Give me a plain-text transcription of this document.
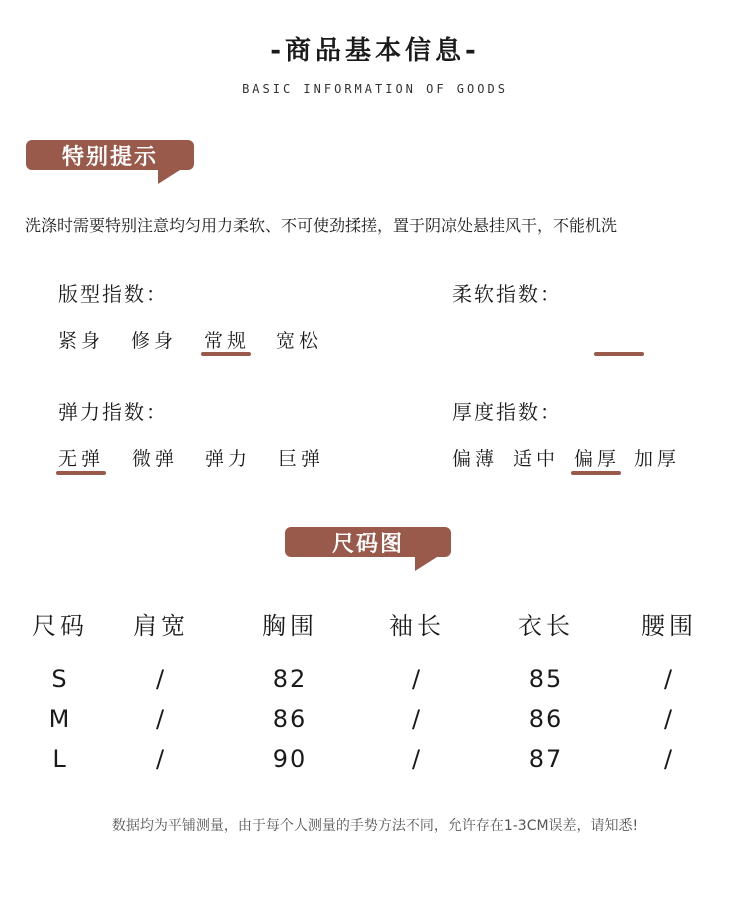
-商品基本信息-
BASIC INFORMATION OF GOODS
特别提示
洗涤时需要特别注意均匀用力柔软、不可使劲揉搓，置于阴凉处悬挂风干，不能机洗
版型指数：
紧身 修身 常规 宽松
柔软指数：
弹力指数：
无弹 微弹 弹力 巨弹
厚度指数：
偏薄 适中 偏厚 加厚
尺码图
尺码	肩宽	胸围	袖长	衣长	腰围
S	/	82	/	85	/
M	/	86	/	86	/
L	/	90	/	87	/
数据均为平铺测量，由于每个人测量的手势方法不同，允许存在1-3CM误差，请知悉!
